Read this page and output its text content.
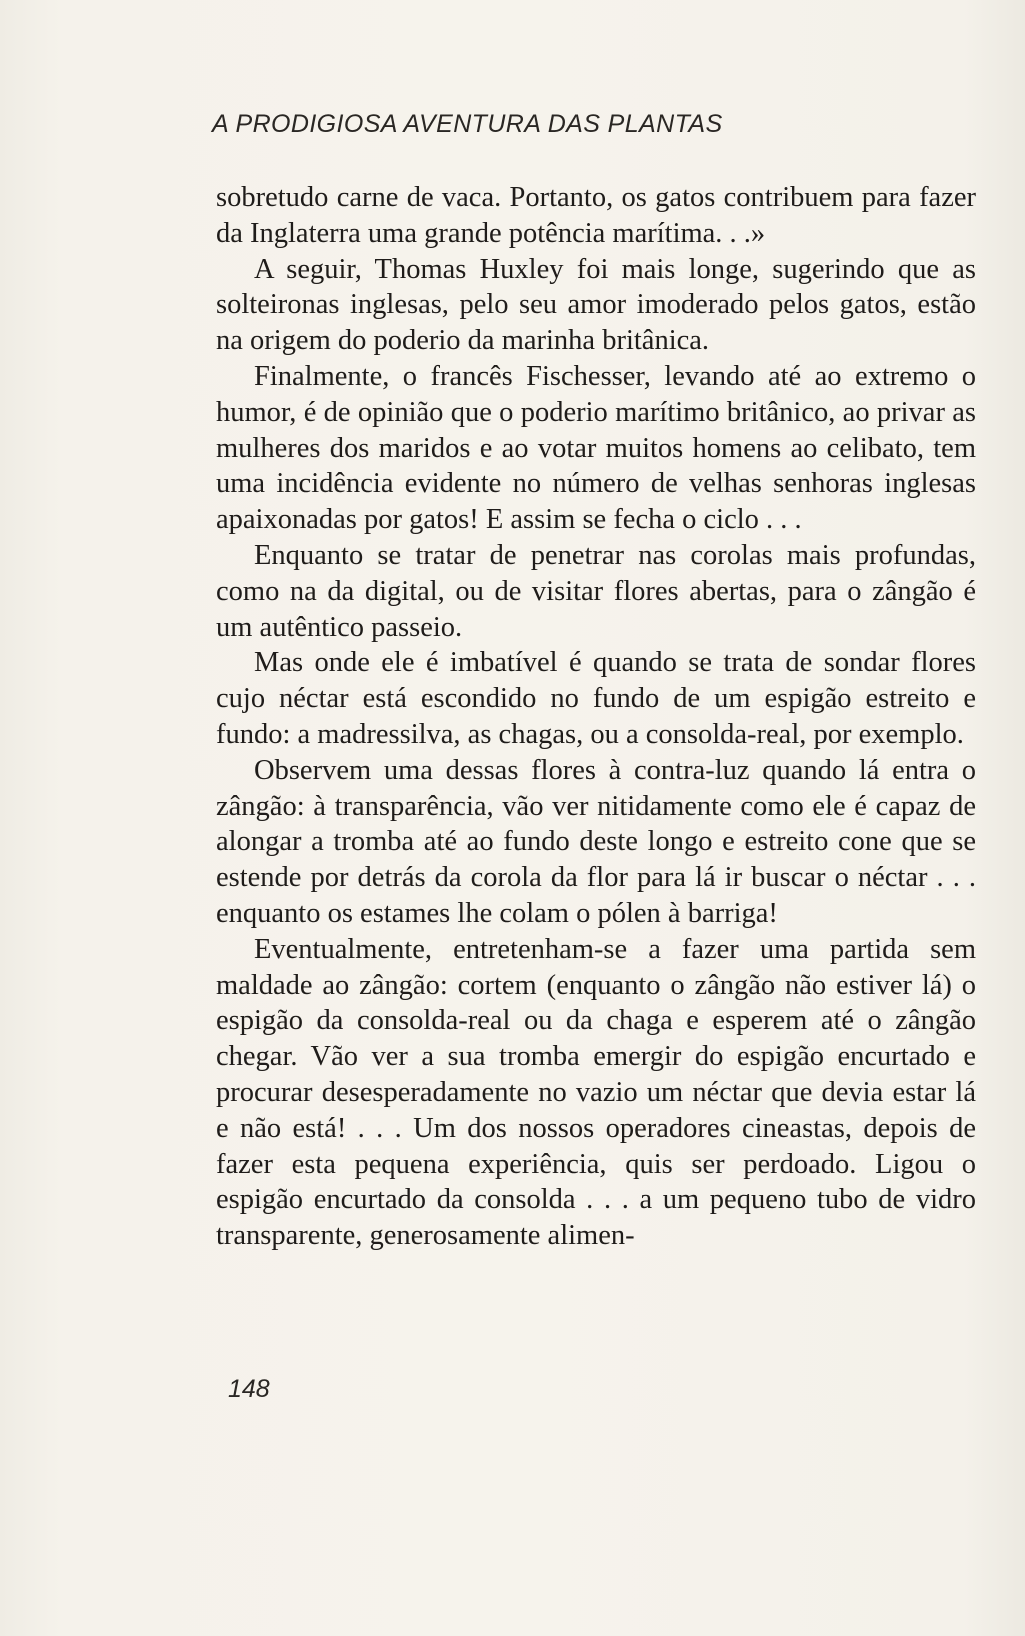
A PRODIGIOSA AVENTURA DAS PLANTAS

sobretudo carne de vaca. Portanto, os gatos contribuem para fazer da Inglaterra uma grande potência marítima. . .»

A seguir, Thomas Huxley foi mais longe, sugerindo que as solteironas inglesas, pelo seu amor imoderado pelos gatos, estão na origem do poderio da marinha britânica.

Finalmente, o francês Fischesser, levando até ao extremo o humor, é de opinião que o poderio marítimo britânico, ao privar as mulheres dos maridos e ao votar muitos homens ao celibato, tem uma incidência evidente no número de velhas senhoras inglesas apaixonadas por gatos! E assim se fecha o ciclo . . .

Enquanto se tratar de penetrar nas corolas mais profundas, como na da digital, ou de visitar flores abertas, para o zângão é um autêntico passeio.

Mas onde ele é imbatível é quando se trata de sondar flores cujo néctar está escondido no fundo de um espigão estreito e fundo: a madressilva, as chagas, ou a consolda-real, por exemplo.

Observem uma dessas flores à contra-luz quando lá entra o zângão: à transparência, vão ver nitidamente como ele é capaz de alongar a tromba até ao fundo deste longo e estreito cone que se estende por detrás da corola da flor para lá ir buscar o néctar . . . enquanto os estames lhe colam o pólen à barriga!

Eventualmente, entretenham-se a fazer uma partida sem maldade ao zângão: cortem (enquanto o zângão não estiver lá) o espigão da consolda-real ou da chaga e esperem até o zângão chegar. Vão ver a sua tromba emergir do espigão encurtado e procurar desesperadamente no vazio um néctar que devia estar lá e não está! . . . Um dos nossos operadores cineastas, depois de fazer esta pequena experiência, quis ser perdoado. Ligou o espigão encurtado da consolda . . . a um pequeno tubo de vidro transparente, generosamente alimen-

148
